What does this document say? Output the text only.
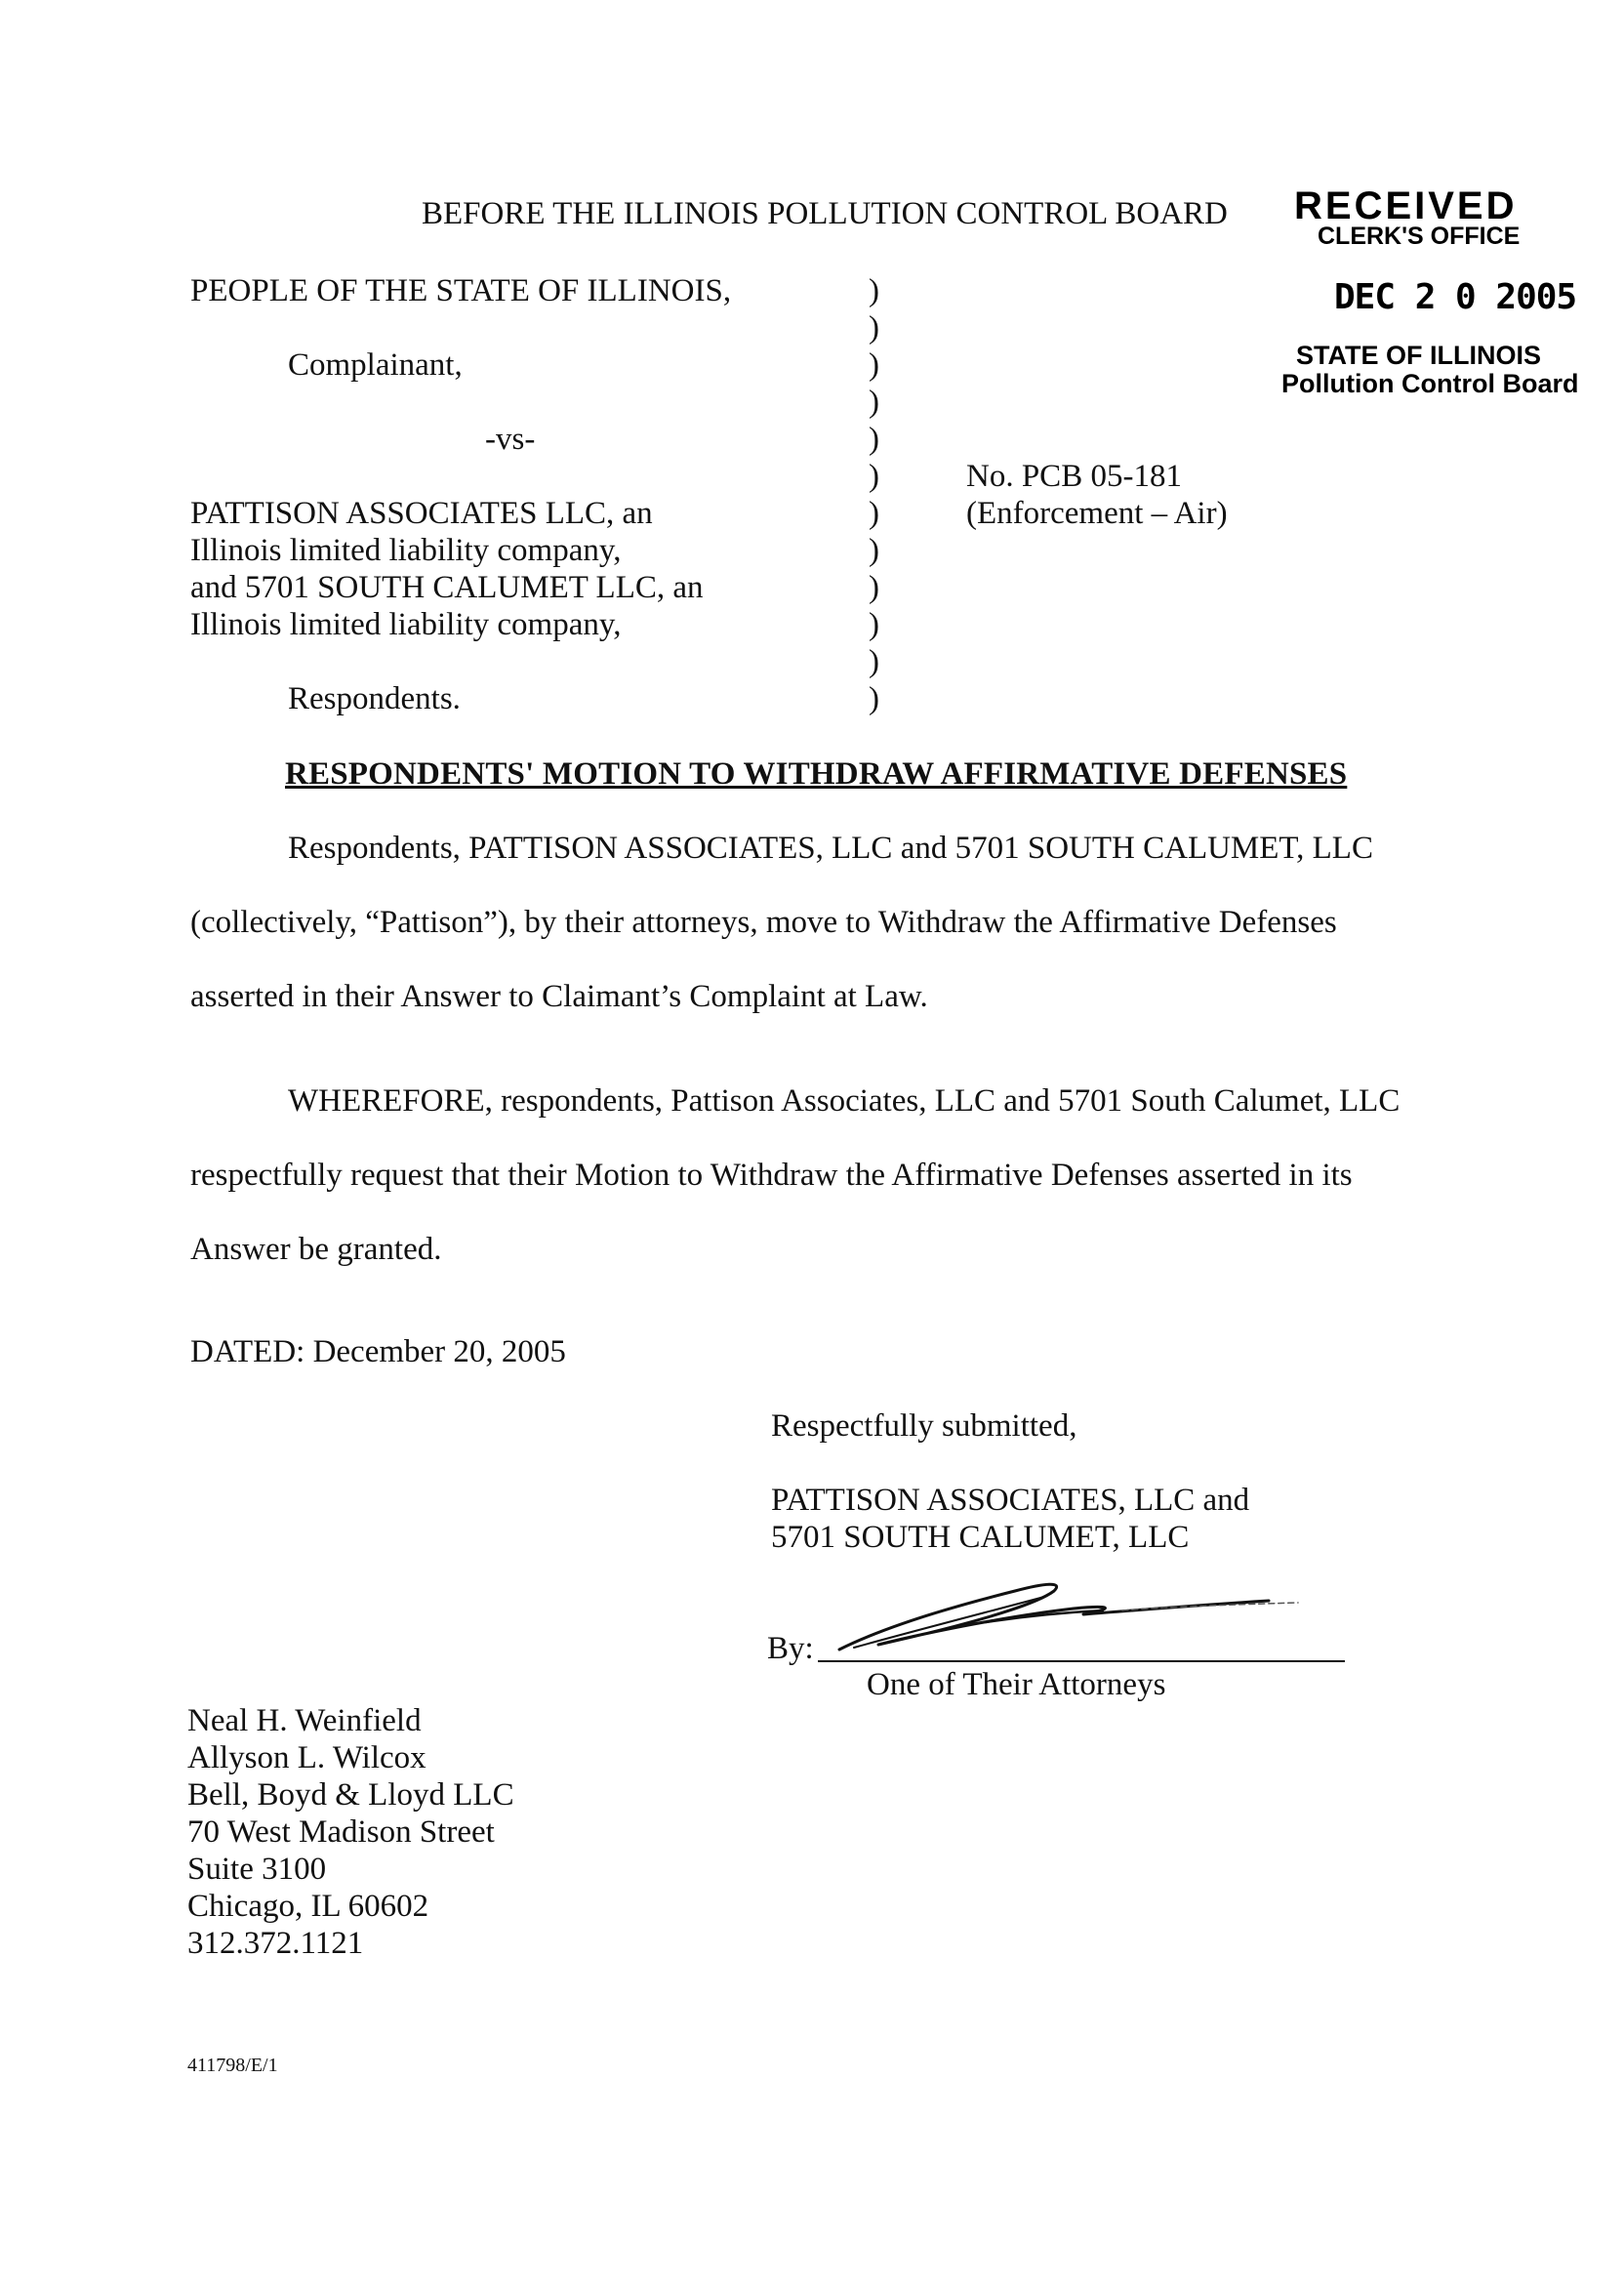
BEFORE THE ILLINOIS POLLUTION CONTROL BOARD RECEIVED
CLERK'S OFFICE
DEC 2 0 2005
STATE OF ILLINOIS
Pollution Control Board
PEOPLE OF THE STATE OF ILLINOIS,
Complainant,
-vs-
PATTISON ASSOCIATES LLC, an
Illinois limited liability company,
and 5701 SOUTH CALUMET LLC, an
Illinois limited liability company,
Respondents.
)
)
)
)
)
)
)
)
)
)
)
)
No. PCB 05-181
(Enforcement – Air)
RESPONDENTS' MOTION TO WITHDRAW AFFIRMATIVE DEFENSES
Respondents, PATTISON ASSOCIATES, LLC and 5701 SOUTH CALUMET, LLC
(collectively, “Pattison”), by their attorneys, move to Withdraw the Affirmative Defenses
asserted in their Answer to Claimant’s Complaint at Law.
WHEREFORE, respondents, Pattison Associates, LLC and 5701 South Calumet, LLC
respectfully request that their Motion to Withdraw the Affirmative Defenses asserted in its
Answer be granted.
DATED: December 20, 2005
Respectfully submitted,
PATTISON ASSOCIATES, LLC and
5701 SOUTH CALUMET, LLC
By:
One of Their Attorneys
Neal H. Weinfield
Allyson L. Wilcox
Bell, Boyd & Lloyd LLC
70 West Madison Street
Suite 3100
Chicago, IL 60602
312.372.1121
411798/E/1
